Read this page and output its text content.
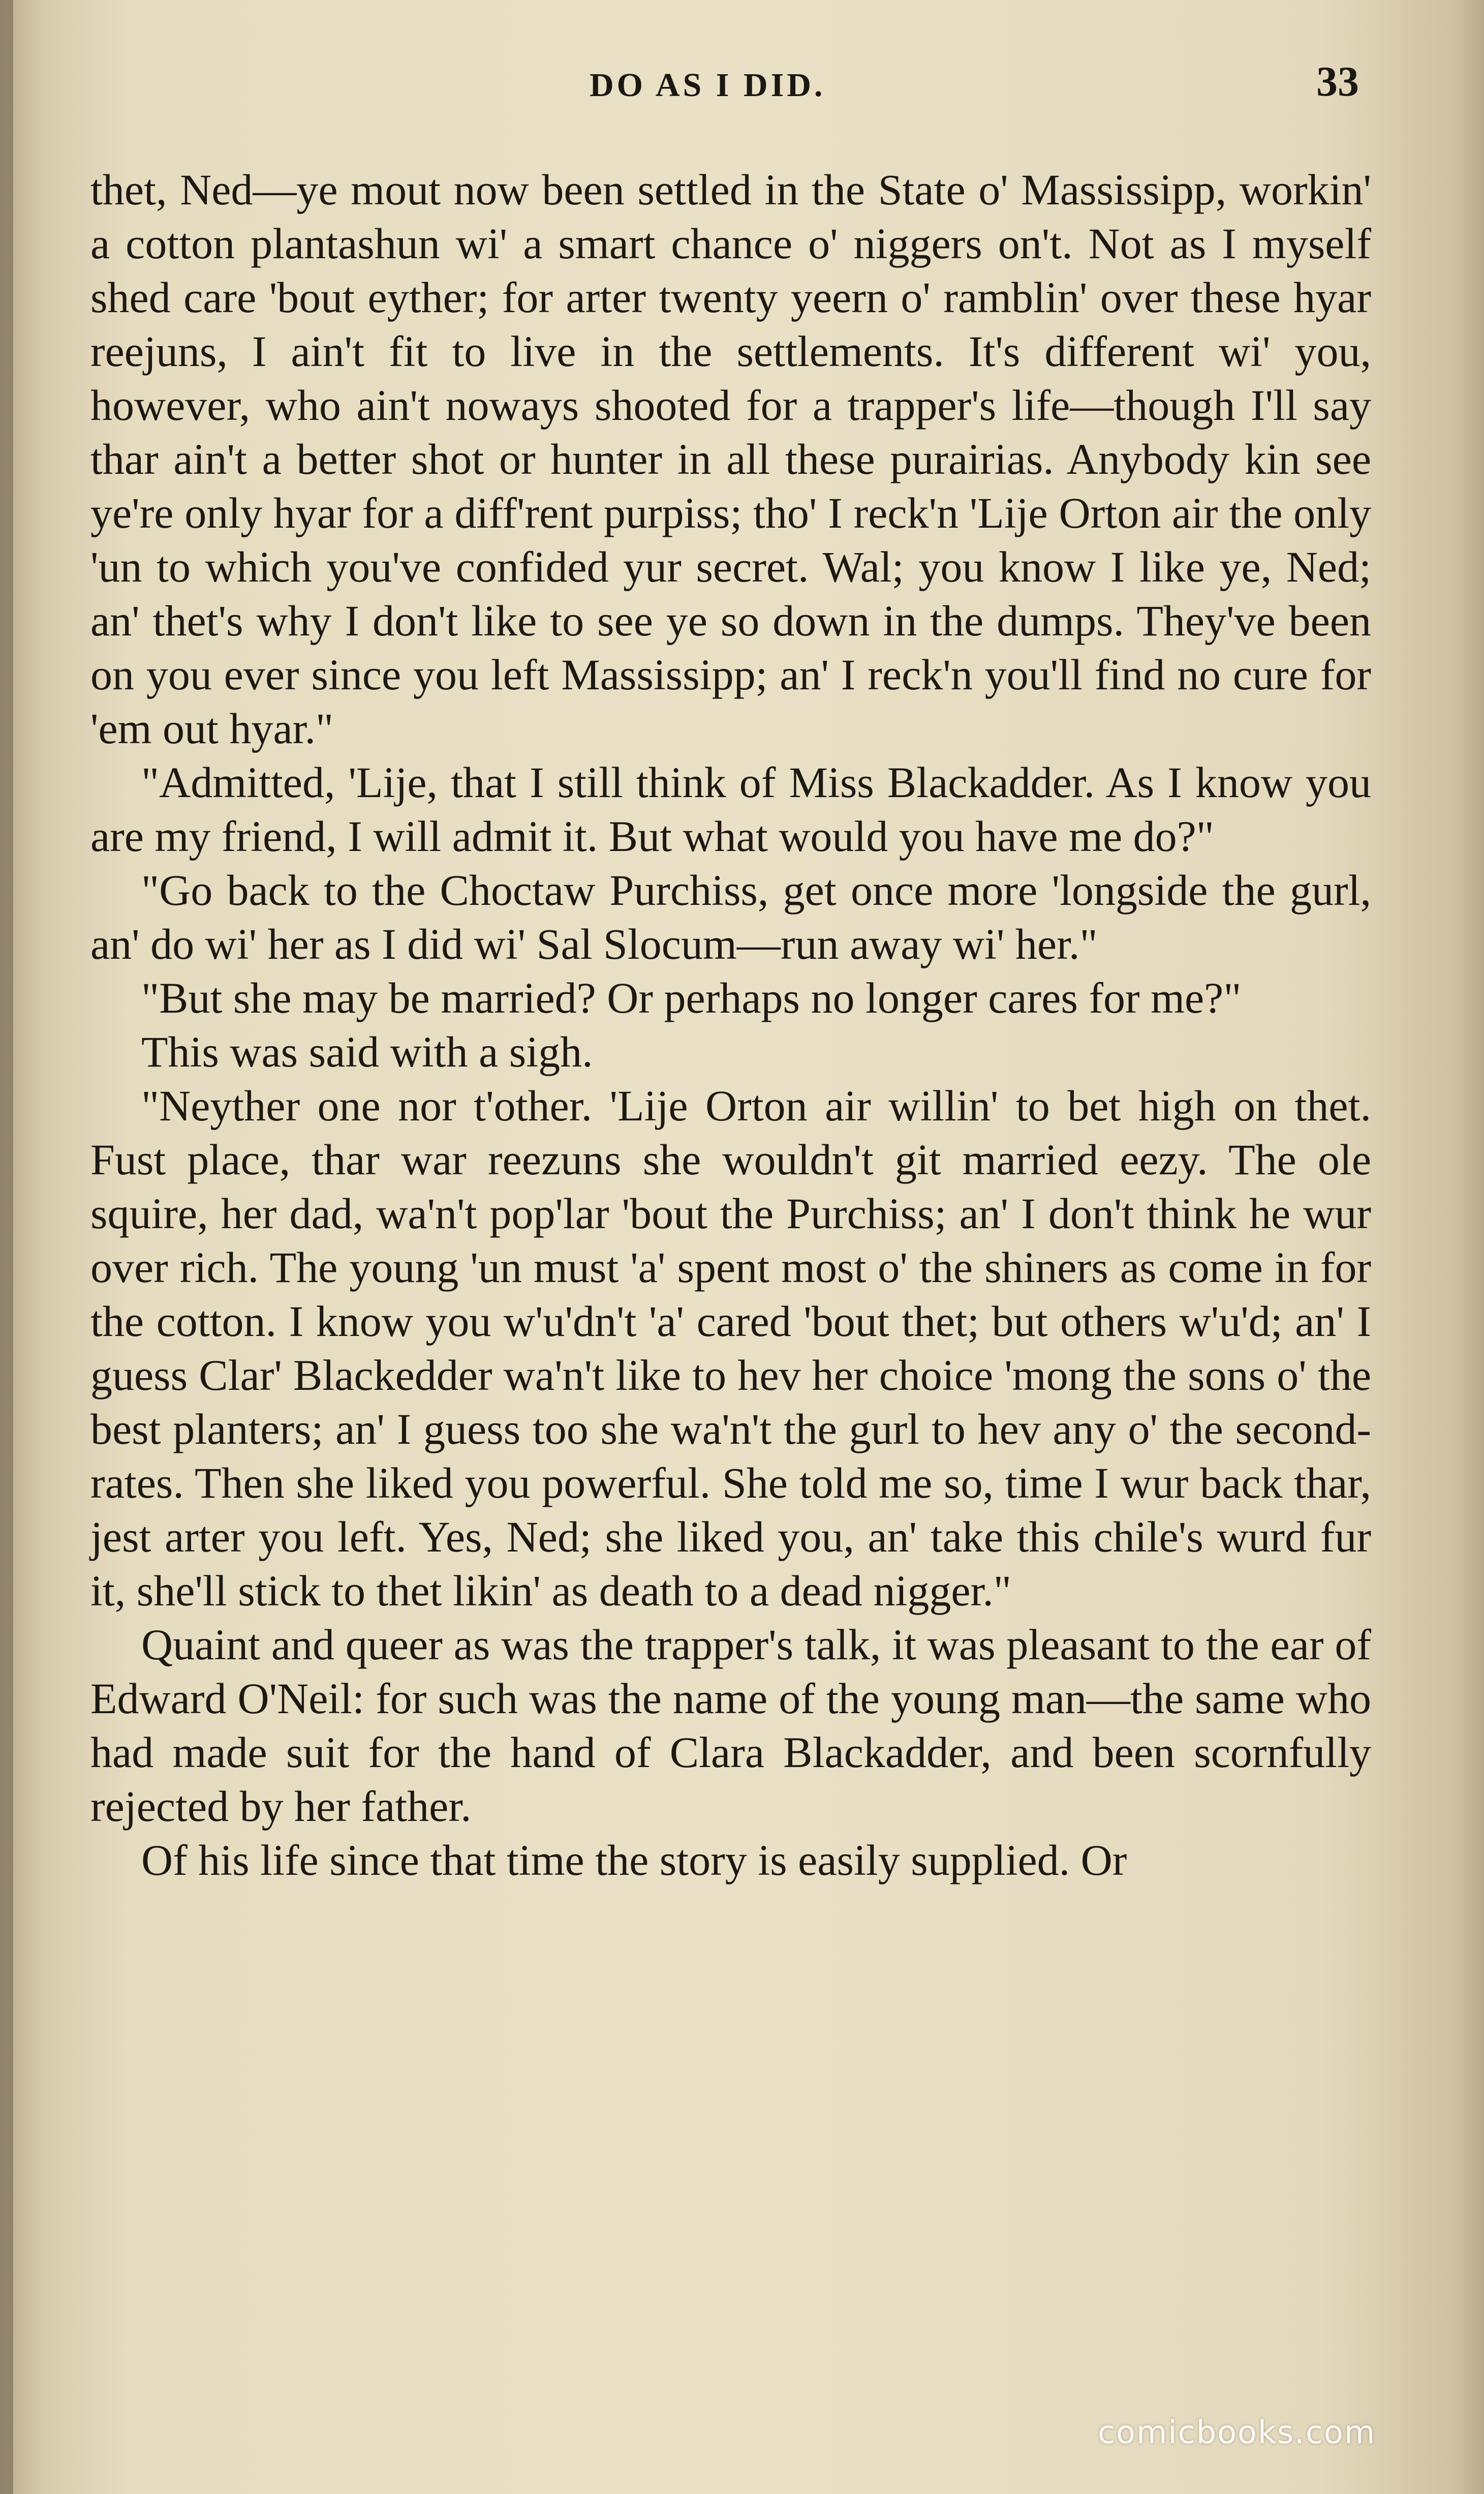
DO AS I DID.	33

thet, Ned—ye mout now been settled in the State o' Massissipp, workin' a cotton plantashun wi' a smart chance o' niggers on't. Not as I myself shed care 'bout eyther; for arter twenty yeern o' ramblin' over these hyar reejuns, I ain't fit to live in the settlements. It's different wi' you, however, who ain't noways shooted for a trapper's life—though I'll say thar ain't a better shot or hunter in all these purairias. Anybody kin see ye're only hyar for a diff'rent purpiss; tho' I reck'n 'Lije Orton air the only 'un to which you've confided yur secret. Wal; you know I like ye, Ned; an' thet's why I don't like to see ye so down in the dumps. They've been on you ever since you left Massissipp; an' I reck'n you'll find no cure for 'em out hyar."

"Admitted, 'Lije, that I still think of Miss Blackadder. As I know you are my friend, I will admit it. But what would you have me do?"

"Go back to the Choctaw Purchiss, get once more 'longside the gurl, an' do wi' her as I did wi' Sal Slocum—run away wi' her."

"But she may be married? Or perhaps no longer cares for me?"

This was said with a sigh.

"Neyther one nor t'other. 'Lije Orton air willin' to bet high on thet. Fust place, thar war reezuns she wouldn't git married eezy. The ole squire, her dad, wa'n't pop'lar 'bout the Purchiss; an' I don't think he wur over rich. The young 'un must 'a' spent most o' the shiners as come in for the cotton. I know you w'u'dn't 'a' cared 'bout thet; but others w'u'd; an' I guess Clar' Blackedder wa'n't like to hev her choice 'mong the sons o' the best planters; an' I guess too she wa'n't the gurl to hev any o' the second-rates. Then she liked you powerful. She told me so, time I wur back thar, jest arter you left. Yes, Ned; she liked you, an' take this chile's wurd fur it, she'll stick to thet likin' as death to a dead nigger."

Quaint and queer as was the trapper's talk, it was pleasant to the ear of Edward O'Neil: for such was the name of the young man—the same who had made suit for the hand of Clara Blackadder, and been scornfully rejected by her father.

Of his life since that time the story is easily supplied. Or

comicbooks.com
